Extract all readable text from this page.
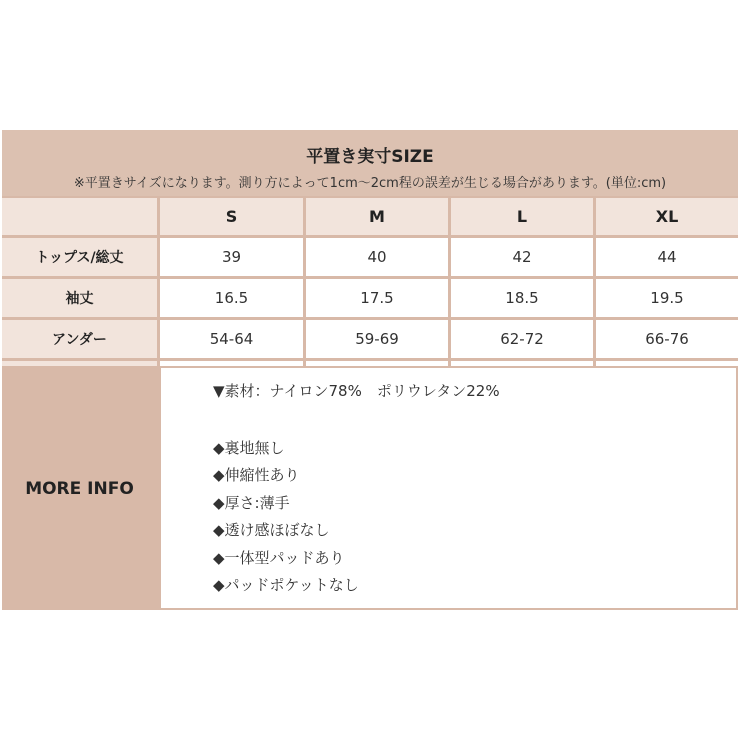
平置き実寸SIZE
※平置きサイズになります。測り方によって1cm～2cm程の誤差が生じる場合があります。(単位:cm)
S	M	L	XL
トップス/総丈	39	40	42	44
袖丈	16.5	17.5	18.5	19.5
アンダー	54-64	59-69	62-72	66-76
MORE INFO
▼素材：ナイロン78%　ポリウレタン22%
◆裏地無し
◆伸縮性あり
◆厚さ:薄手
◆透け感ほぼなし
◆一体型パッドあり
◆パッドポケットなし
